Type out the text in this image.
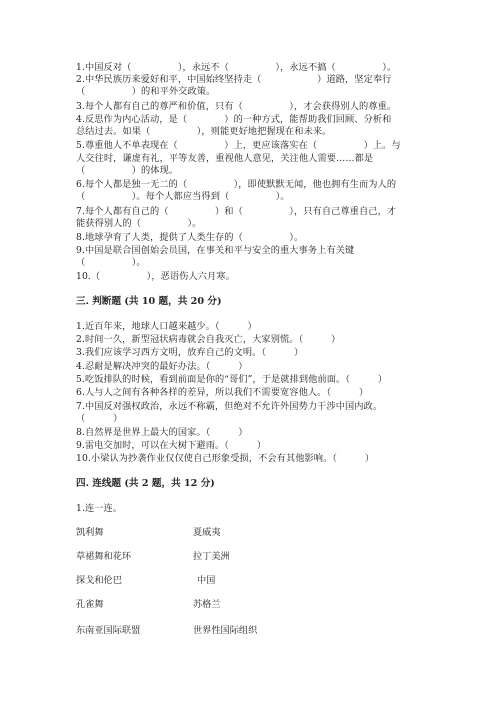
1.中国反对（　　　　　），永远不（　　　　　），永远不搞（　　　　　）。
2.中华民族历来爱好和平，中国始终坚持走（　　　　　　）道路，坚定奉行
（　　　　　）的和平外交政策。
3.每个人都有自己的尊严和价值，只有（　　　　　），才会获得别人的尊重。
4.反思作为内心活动，是（　　　　）的一种方式，能帮助我们回顾、分析和
总结过去。如果（　　　　　），则能更好地把握现在和未来。
5.尊重他人不单表现在（　　　　　）上，更应该落实在（　　　　　）上。与
人交往时，谦虚有礼，平等友善，重视他人意见，关注他人需要……都是
（　　　　　）的体现。
6.每个人都是独一无二的（　　　　　），即使默默无闻，他也拥有生而为人的
（　　　　　）。每个人都应当得到（　　　　　）。
7.每个人都有自己的（　　　　　）和（　　　　　），只有自己尊重自己，才
能获得别人的（　　　　　）。
8.地球孕育了人类，提供了人类生存的（　　　　　）。
9.中国是联合国创始会员国，在事关和平与安全的重大事务上有关键
（　　　　　）。
10.（　　　　　），恶语伤人六月寒。
三. 判断题 (共 10 题，共 20 分)
1.近百年来，地球人口越来越少。（　　　）
2.时间一久，新型冠状病毒就会自我灭亡，大家别慌。（　　　）
3.我们应该学习西方文明，放弃自己的文明。（　　　）
4.忍耐是解决冲突的最好办法。（　　　）
5.吃饭排队的时候，看到前面是你的“哥们”，于是就排到他前面。（　　　）
6.人与人之间有各种各样的差异，所以我们不需要宽容他人。（　　　）
7.中国反对强权政治，永远不称霸，但绝对不允许外国势力干涉中国内政。
（　　　）
8.自然界是世界上最大的国家。（　　　）
9.雷电交加时，可以在大树下避雨。（　　　）
10.小梁认为抄袭作业仅仅使自己形象受损，不会有其他影响。（　　　）
四. 连线题 (共 2 题，共 12 分)
1.连一连。
凯利舞
草裙舞和花环
探戈和伦巴
孔雀舞
东南亚国际联盟
夏威夷
拉丁美洲
中国
苏格兰
世界性国际组织
